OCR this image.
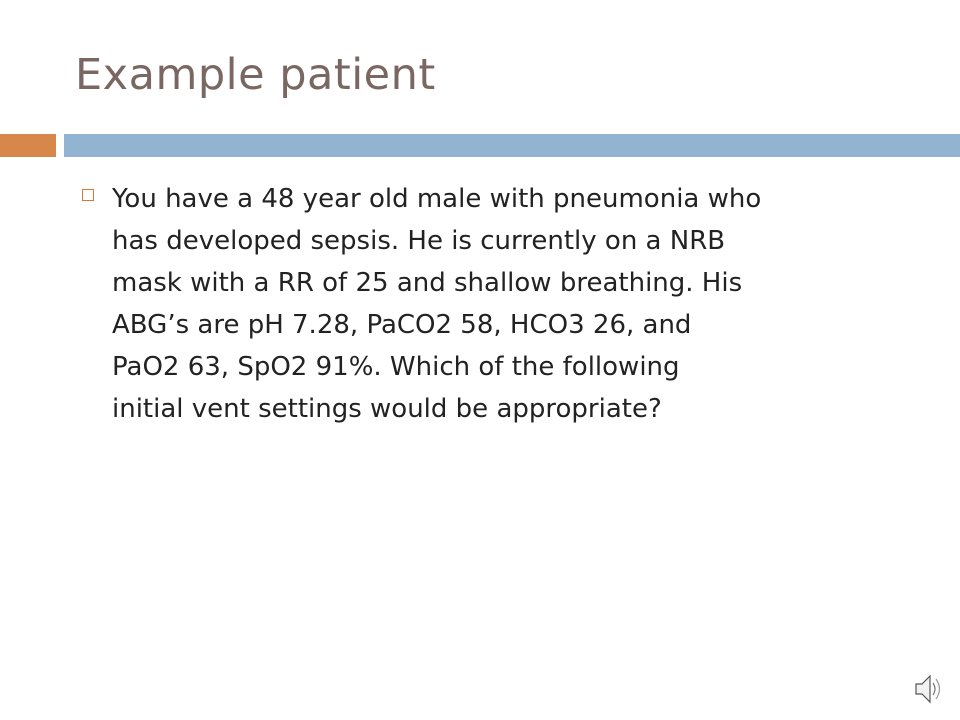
Example patient
You have a 48 year old male with pneumonia who
has developed sepsis. He is currently on a NRB
mask with a RR of 25 and shallow breathing. His
ABG’s are pH 7.28, PaCO2 58, HCO3 26, and
PaO2 63, SpO2 91%. Which of the following
initial vent settings would be appropriate?
